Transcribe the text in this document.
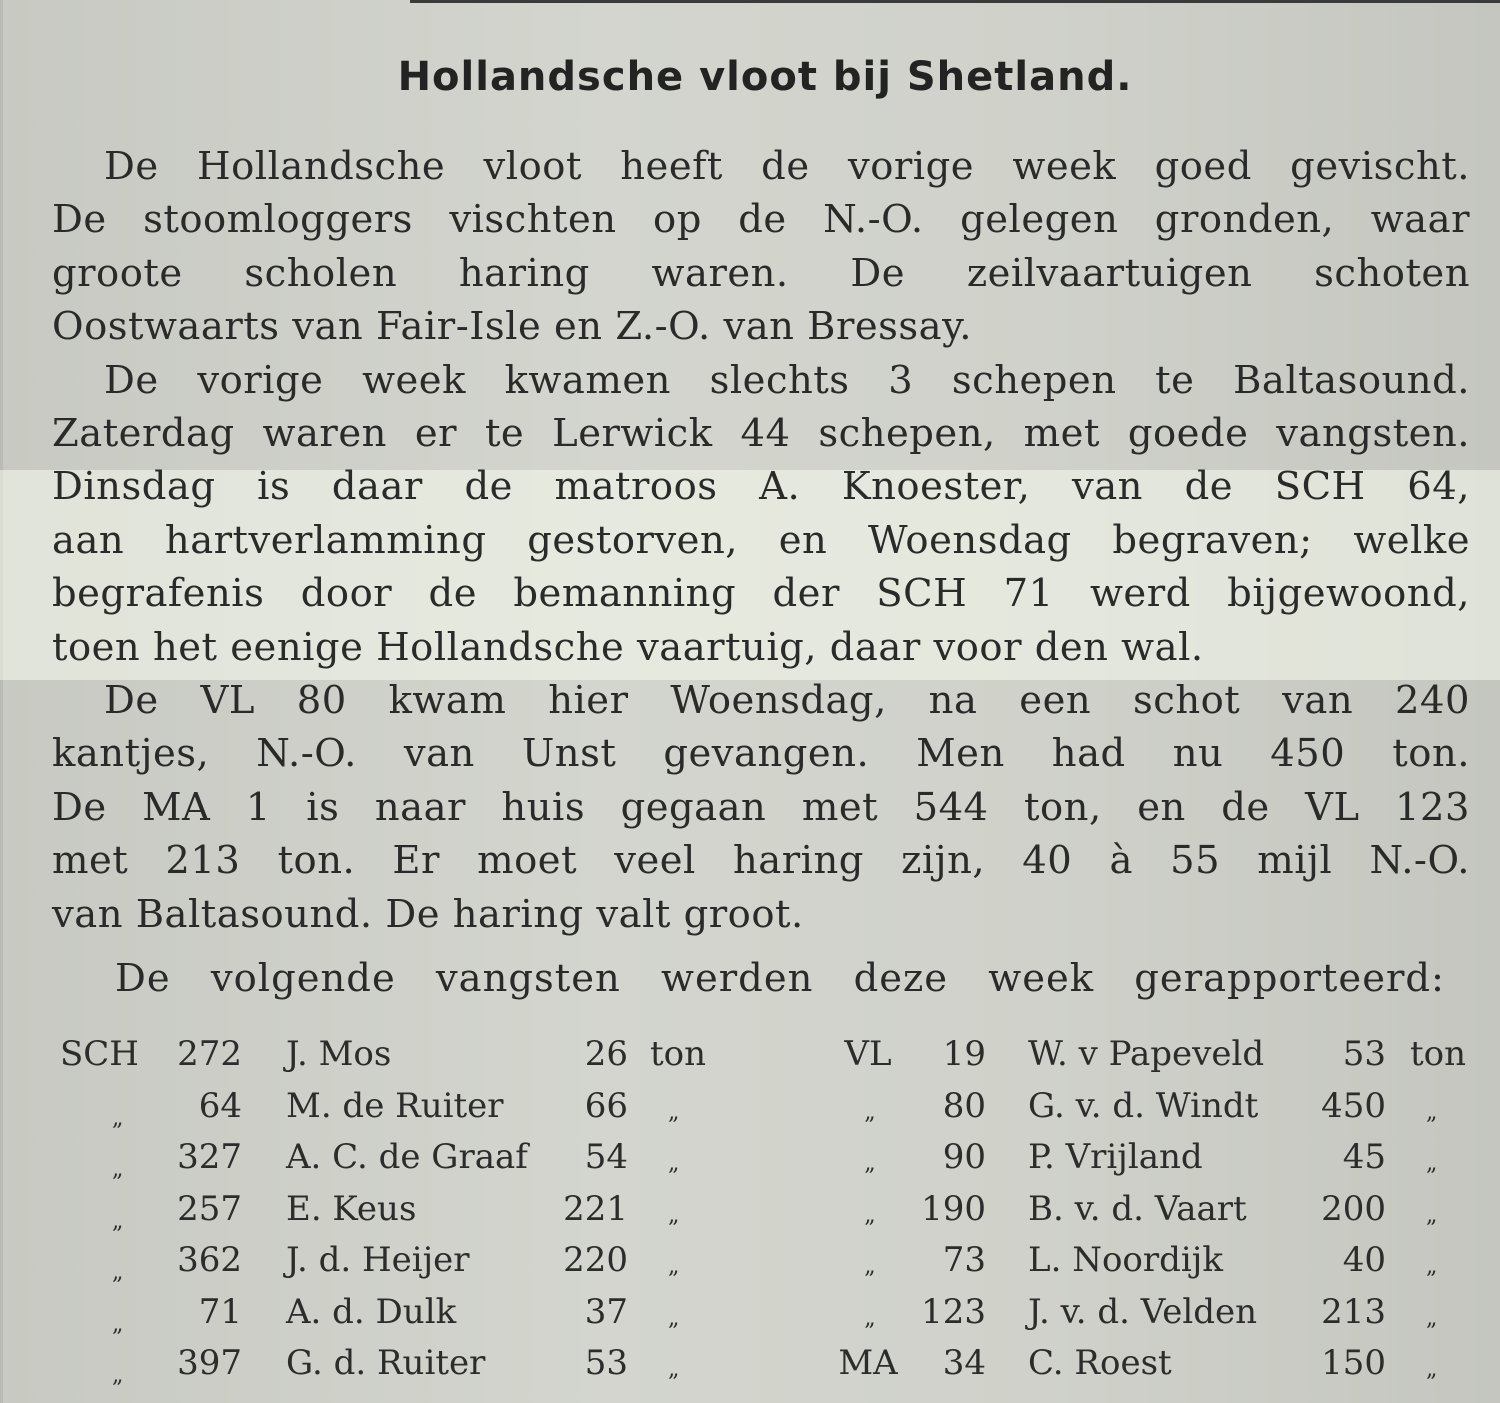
Hollandsche vloot bij Shetland.
De Hollandsche vloot heeft de vorige week goed gevischt.
De stoomloggers vischten op de N.-O. gelegen gronden, waar
groote scholen haring waren. De zeilvaartuigen schoten
Oostwaarts van Fair-Isle en Z.-O. van Bressay.
De vorige week kwamen slechts 3 schepen te Baltasound.
Zaterdag waren er te Lerwick 44 schepen, met goede vangsten.
Dinsdag is daar de matroos A. Knoester, van de SCH 64,
aan hartverlamming gestorven, en Woensdag begraven; welke
begrafenis door de bemanning der SCH 71 werd bijgewoond,
toen het eenige Hollandsche vaartuig, daar voor den wal.
De VL 80 kwam hier Woensdag, na een schot van 240
kantjes, N.-O. van Unst gevangen. Men had nu 450 ton.
De MA 1 is naar huis gegaan met 544 ton, en de VL 123
met 213 ton. Er moet veel haring zijn, 40 à 55 mijl N.-O.
van Baltasound. De haring valt groot.
De volgende vangsten werden deze week gerapporteerd:
SCH	272 J. Mos	26 ton	VL	19 W. v Papeveld	53 ton
„	64 M. de Ruiter	66 „	„	80 G. v. d. Windt	450 „
„	327 A. C. de Graaf	54 „	„	90 P. Vrijland	45 „
„	257 E. Keus	221 „	„	190 B. v. d. Vaart	200 „
„	362 J. d. Heijer	220 „	„	73 L. Noordijk	40 „
„	71 A. d. Dulk	37 „	„	123 J. v. d. Velden	213 „
„	397 G. d. Ruiter	53 „	MA	34 C. Roest	150 „
